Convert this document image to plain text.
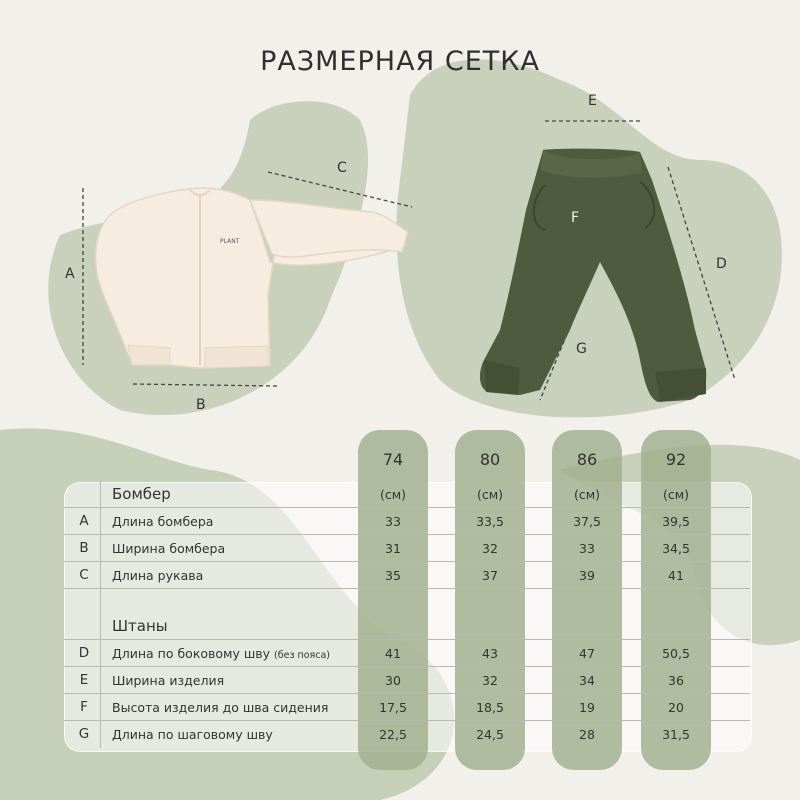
РАЗМЕРНАЯ СЕТКА
PLANT
A
B
C
E
F
D
G
74	80	86	92
Бомбер	(см)	(см)	(см)	(см)
A	Длина бомбера	33	33,5	37,5	39,5
B	Ширина бомбера	31	32	33	34,5
C	Длина рукава	35	37	39	41
Штаны
D	Длина по боковому шву (без пояса)	41	43	47	50,5
E	Ширина изделия	30	32	34	36
F	Высота изделия до шва сидения	17,5	18,5	19	20
G	Длина по шаговому шву	22,5	24,5	28	31,5
